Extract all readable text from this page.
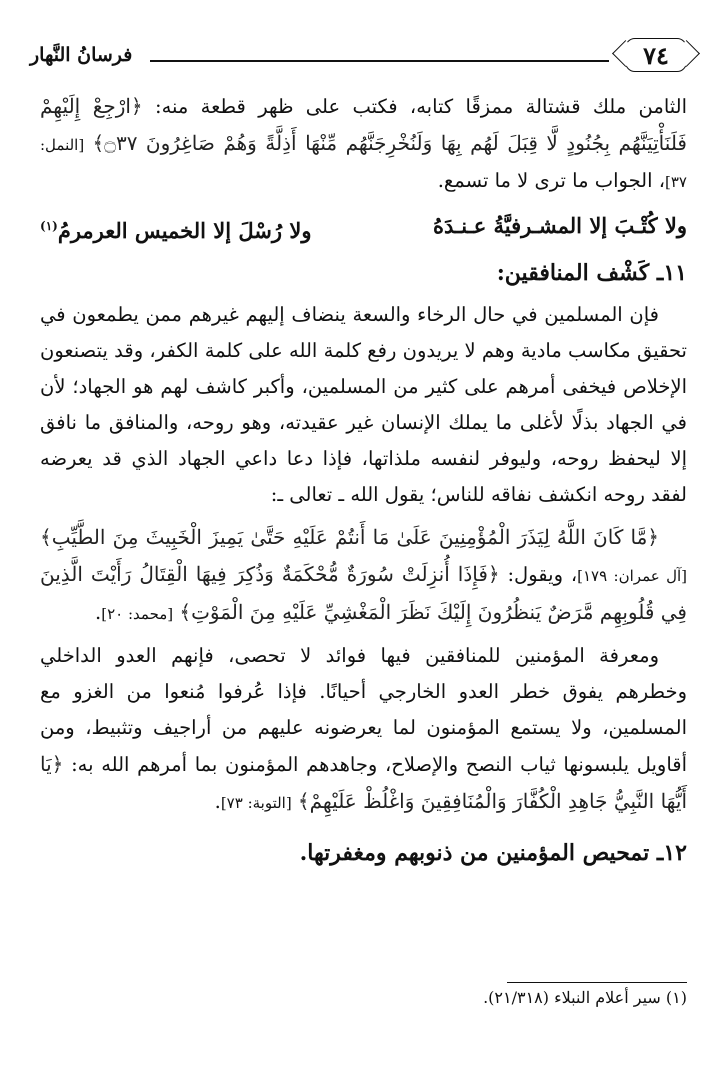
٧٤
فرسانُ النَّهار

الثامن ملك قشتالة ممزقًا كتابه، فكتب على ظهر قطعة منه: ﴿ارْجِعْ إِلَيْهِمْ فَلَنَأْتِيَنَّهُم بِجُنُودٍ لَّا قِبَلَ لَهُم بِهَا وَلَنُخْرِجَنَّهُم مِّنْهَا أَذِلَّةً وَهُمْ صَاغِرُونَ ۝٣٧﴾ [النمل: ٣٧]، الجواب ما ترى لا ما تسمع.

ولا كُتْـبَ إلا المشـرفيَّةُ عـنـدَهُ
ولا رُسْلَ إلا الخميس العرمرمُ$^{(١)}$
١١ـ كَشْف المنافقين:

فإن المسلمين في حال الرخاء والسعة ينضاف إليهم غيرهم ممن يطمعون في تحقيق مكاسب مادية وهم لا يريدون رفع كلمة الله على كلمة الكفر، وقد يتصنعون الإخلاص فيخفى أمرهم على كثير من المسلمين، وأكبر كاشف لهم هو الجهاد؛ لأن في الجهاد بذلًا لأغلى ما يملك الإنسان غير عقيدته، وهو روحه، والمنافق ما نافق إلا ليحفظ روحه، وليوفر لنفسه ملذاتها، فإذا دعا داعي الجهاد الذي قد يعرضه لفقد روحه انكشف نفاقه للناس؛ يقول الله ـ تعالى ـ:

﴿مَّا كَانَ اللَّهُ لِيَذَرَ الْمُؤْمِنِينَ عَلَىٰ مَا أَنتُمْ عَلَيْهِ حَتَّىٰ يَمِيزَ الْخَبِيثَ مِنَ الطَّيِّبِ﴾ [آل عمران: ١٧٩]، ويقول: ﴿فَإِذَا أُنزِلَتْ سُورَةٌ مُّحْكَمَةٌ وَذُكِرَ فِيهَا الْقِتَالُ رَأَيْتَ الَّذِينَ فِي قُلُوبِهِم مَّرَضٌ يَنظُرُونَ إِلَيْكَ نَظَرَ الْمَغْشِيِّ عَلَيْهِ مِنَ الْمَوْتِ﴾ [محمد: ٢٠].

ومعرفة المؤمنين للمنافقين فيها فوائد لا تحصى، فإنهم العدو الداخلي وخطرهم يفوق خطر العدو الخارجي أحيانًا. فإذا عُرفوا مُنعوا من الغزو مع المسلمين، ولا يستمع المؤمنون لما يعرضونه عليهم من أراجيف وتثبيط، ومن أقاويل يلبسونها ثياب النصح والإصلاح، وجاهدهم المؤمنون بما أمرهم الله به: ﴿يَا أَيُّهَا النَّبِيُّ جَاهِدِ الْكُفَّارَ وَالْمُنَافِقِينَ وَاغْلُظْ عَلَيْهِمْ﴾ [التوبة: ٧٣].

١٢ـ تمحيص المؤمنين من ذنوبهم ومغفرتها.
(١) سير أعلام النبلاء (٢١/٣١٨).
